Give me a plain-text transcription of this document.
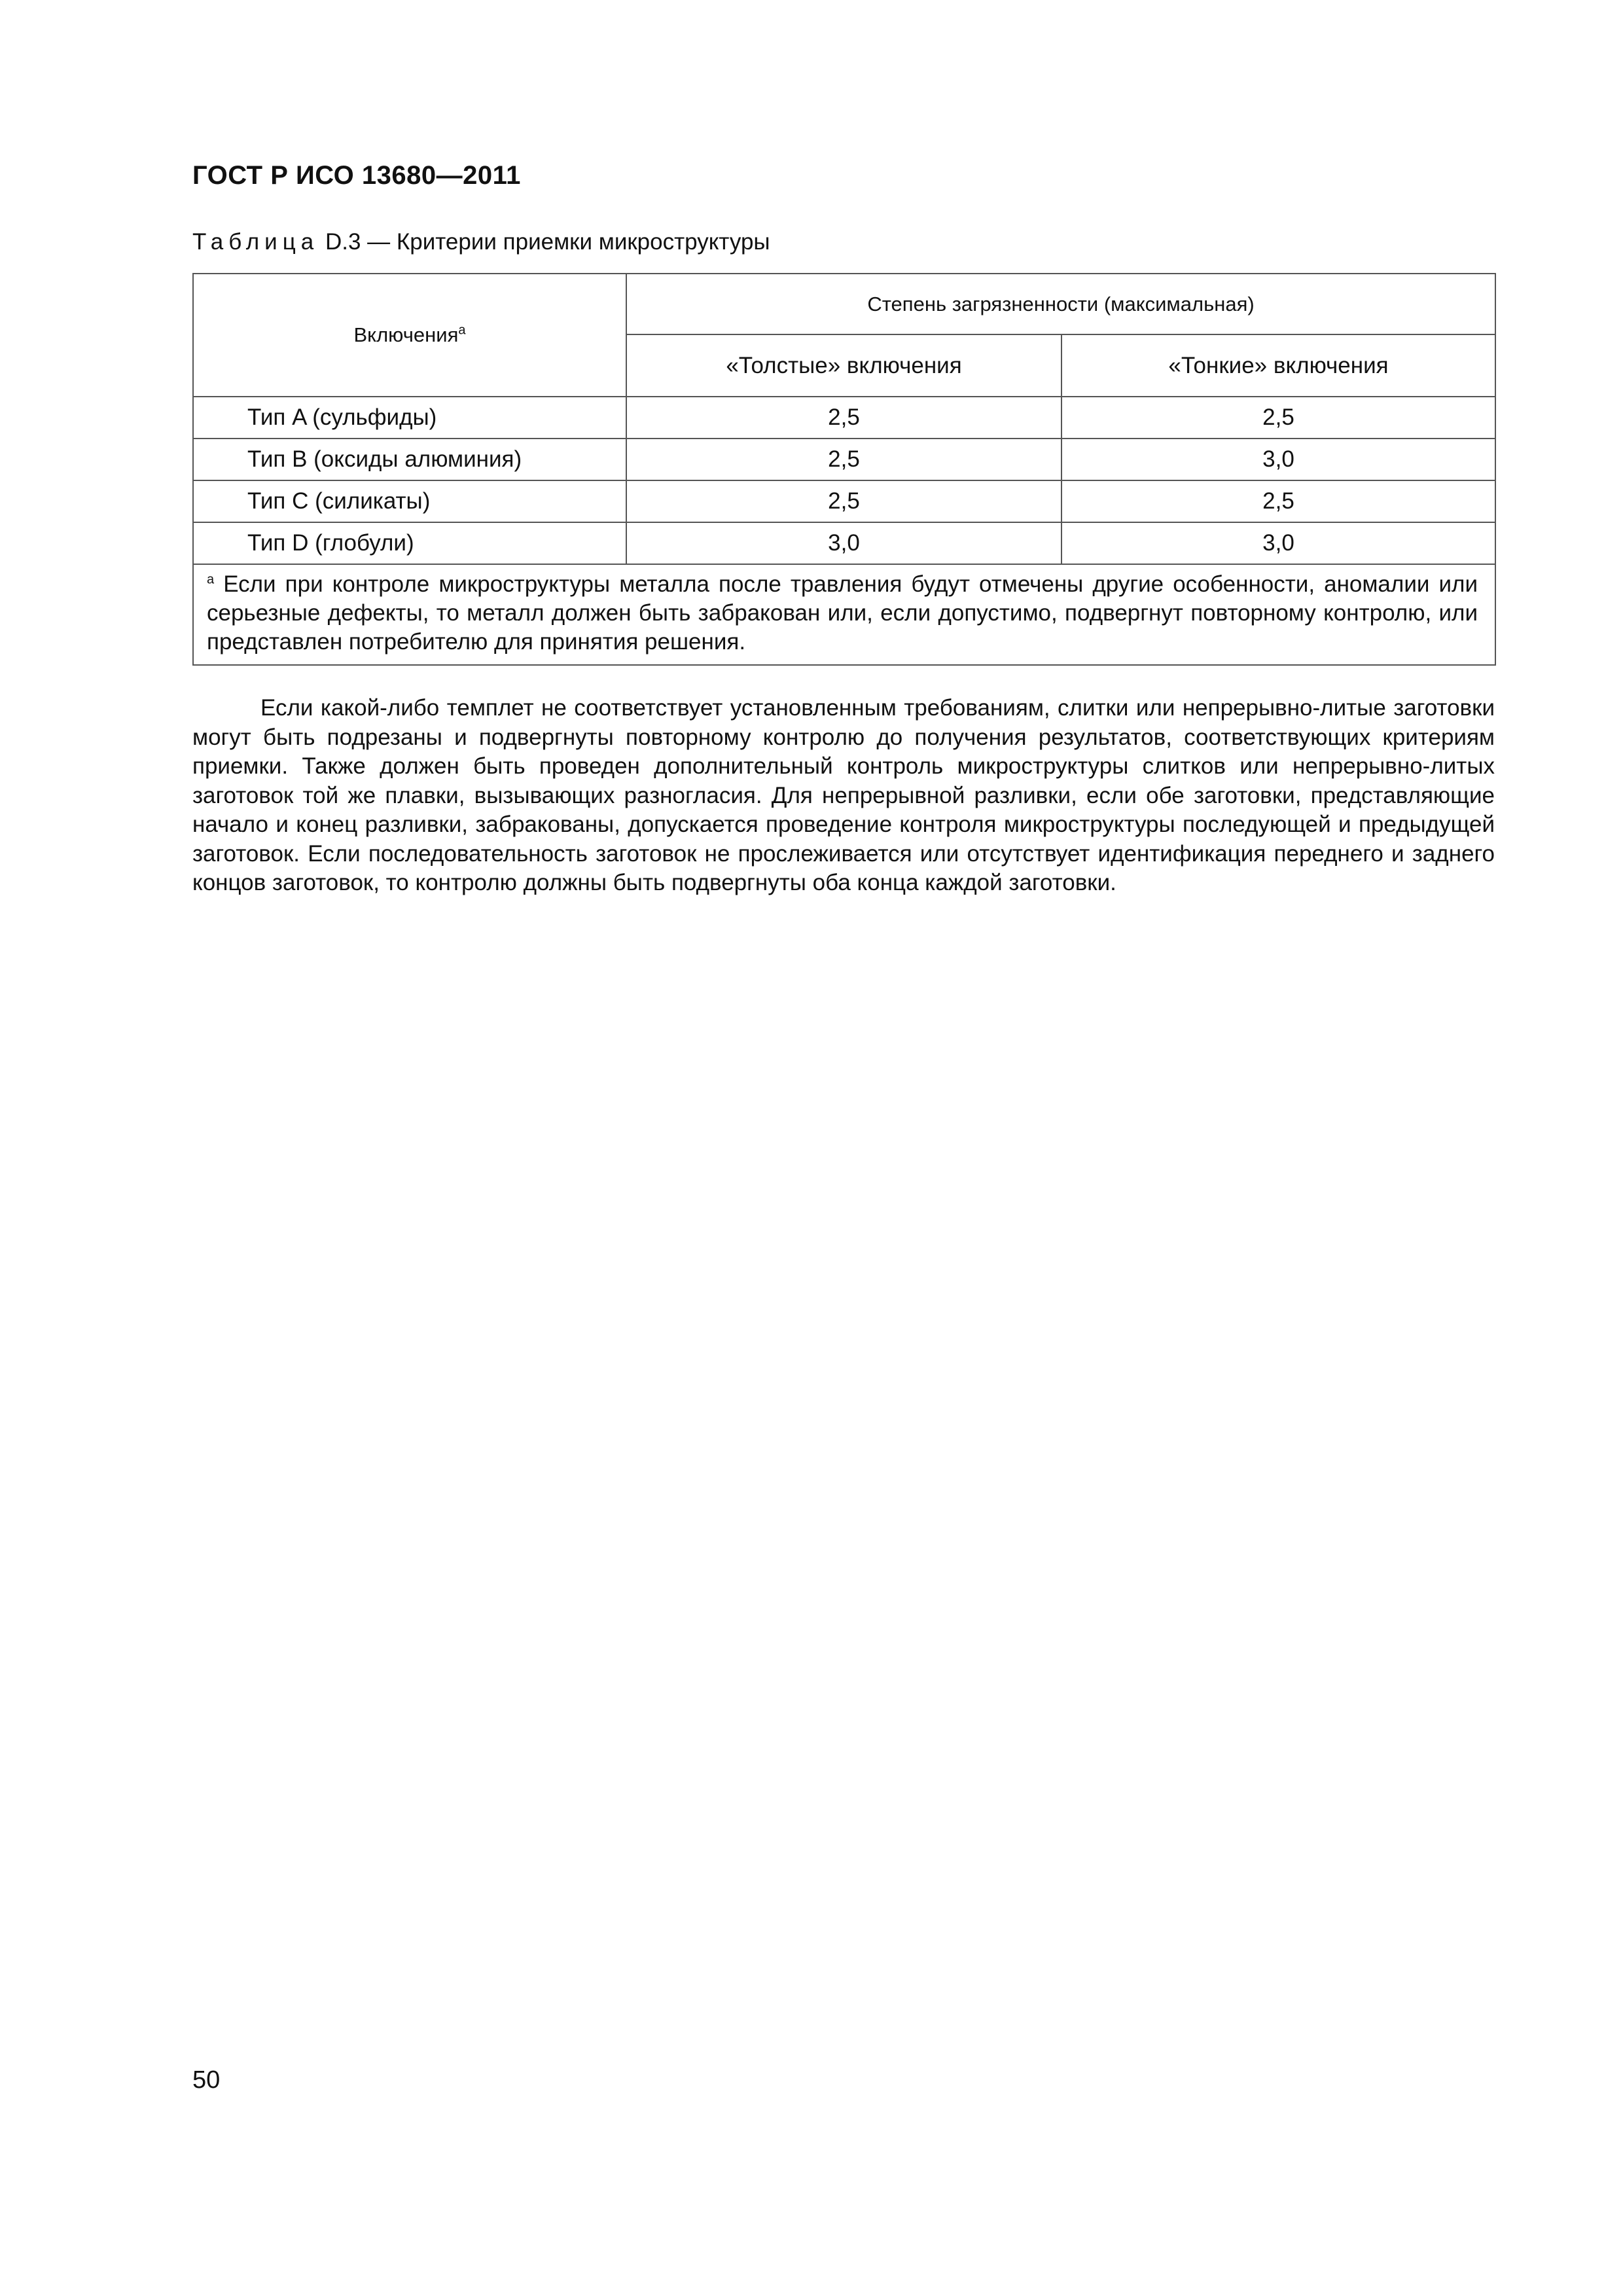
ГОСТ Р ИСО 13680—2011
Таблица D.3 — Критерии приемки микроструктуры
Включения$^a$	Степень загрязненности (максимальная)	
	«Толстые» включения	«Тонкие» включения
Тип A (сульфиды)	2,5	2,5
Тип B (оксиды алюминия)	2,5	3,0
Тип C (силикаты)	2,5	2,5
Тип D (глобули)	3,0	3,0
$^a$ Если при контроле микроструктуры металла после травления будут отмечены другие особенности, аномалии или серьезные дефекты, то металл должен быть забракован или, если допустимо, подвергнут повторному контролю, или представлен потребителю для принятия решения.		

Если какой-либо темплет не соответствует установленным требованиям, слитки или непрерывно-литые заготовки могут быть подрезаны и подвергнуты повторному контролю до получения результатов, соответствующих критериям приемки. Также должен быть проведен дополнительный контроль микроструктуры слитков или непрерывно-литых заготовок той же плавки, вызывающих разногласия. Для непрерывной разливки, если обе заготовки, представляющие начало и конец разливки, забракованы, допускается проведение контроля микроструктуры последующей и предыдущей заготовок. Если последовательность заготовок не прослеживается или отсутствует идентификация переднего и заднего концов заготовок, то контролю должны быть подвергнуты оба конца каждой заготовки.

50
